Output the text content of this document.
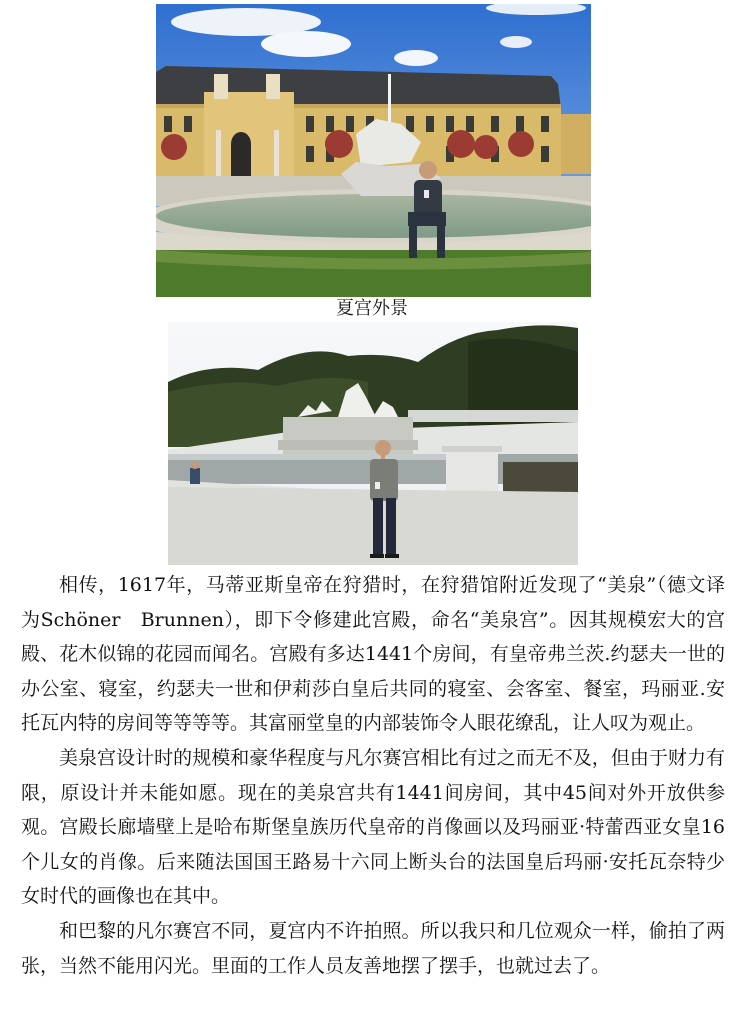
夏宫外景

相传，1617年，马蒂亚斯皇帝在狩猎时，在狩猎馆附近发现了“美泉”（德文译为Schöner　Brunnen），即下令修建此宫殿，命名“美泉宫”。因其规模宏大的宫殿、花木似锦的花园而闻名。宫殿有多达1441个房间，有皇帝弗兰茨.约瑟夫一世的办公室、寝室，约瑟夫一世和伊莉莎白皇后共同的寝室、会客室、餐室，玛丽亚.安托瓦内特的房间等等等等。其富丽堂皇的内部装饰令人眼花缭乱，让人叹为观止。

美泉宫设计时的规模和豪华程度与凡尔赛宫相比有过之而无不及，但由于财力有限，原设计并未能如愿。现在的美泉宫共有1441间房间，其中45间对外开放供参观。宫殿长廊墙壁上是哈布斯堡皇族历代皇帝的肖像画以及玛丽亚·特蕾西亚女皇16个儿女的肖像。后来随法国国王路易十六同上断头台的法国皇后玛丽·安托瓦奈特少女时代的画像也在其中。

和巴黎的凡尔赛宫不同，夏宫内不许拍照。所以我只和几位观众一样，偷拍了两张，当然不能用闪光。里面的工作人员友善地摆了摆手，也就过去了。
